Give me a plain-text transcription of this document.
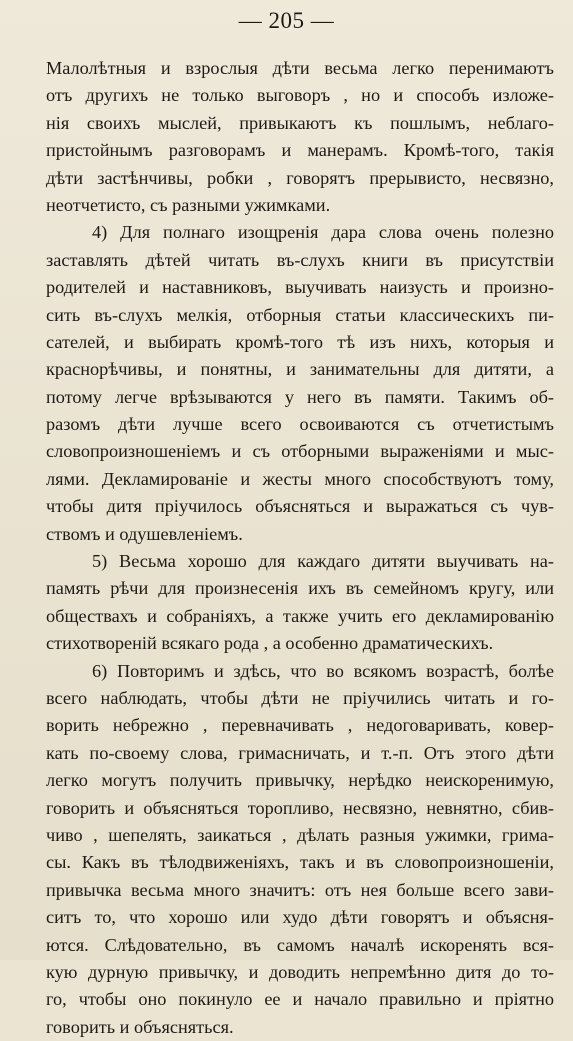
— 205 —
Малолѣтныя и взрослыя дѣти весьма легко перенимаютъ
отъ другихъ не только выговоръ , но и способъ изложе-
нія своихъ мыслей, привыкаютъ къ пошлымъ, неблаго-
пристойнымъ разговорамъ и манерамъ. Кромѣ-того, такія
дѣти застѣнчивы, робки , говорятъ прерывисто, несвязно,
неотчетисто, съ разными ужимками.
4) Для полнаго изощренія дара слова очень полезно
заставлять дѣтей читать въ-слухъ книги въ присутствіи
родителей и наставниковъ, выучивать наизусть и произно-
сить въ-слухъ мелкія, отборныя статьи классическихъ пи-
сателей, и выбирать кромѣ-того тѣ изъ нихъ, которыя и
краснорѣчивы, и понятны, и занимательны для дитяти, а
потому легче врѣзываются у него въ памяти. Такимъ об-
разомъ дѣти лучше всего освоиваются съ отчетистымъ
словопроизношеніемъ и съ отборными выраженіями и мыс-
лями. Декламированіе и жесты много способствуютъ тому,
чтобы дитя пріучилось объясняться и выражаться съ чув-
ствомъ и одушевленіемъ.
5) Весьма хорошо для каждаго дитяти выучивать на-
память рѣчи для произнесенія ихъ въ семейномъ кругу, или
обществахъ и собраніяхъ, а также учить его декламированію
стихотвореній всякаго рода , а особенно драматическихъ.
6) Повторимъ и здѣсь, что во всякомъ возрастѣ, болѣе
всего наблюдать, чтобы дѣти не пріучились читать и го-
ворить небрежно , перевначивать , недоговаривать, ковер-
кать по-своему слова, гримасничать, и т.-п. Отъ этого дѣти
легко могутъ получить привычку, нерѣдко неискоренимую,
говорить и объясняться торопливо, несвязно, невнятно, сбив-
чиво , шепелять, заикаться , дѣлать разныя ужимки, грима-
сы. Какъ въ тѣлодвиженіяхъ, такъ и въ словопроизношеніи,
привычка весьма много значитъ: отъ нея больше всего зави-
ситъ то, что хорошо или худо дѣти говорятъ и объясня-
ются. Слѣдовательно, въ самомъ началѣ искоренять вся-
кую дурную привычку, и доводить непремѣнно дитя до то-
го, чтобы оно покинуло ее и начало правильно и пріятно
говорить и объясняться.
